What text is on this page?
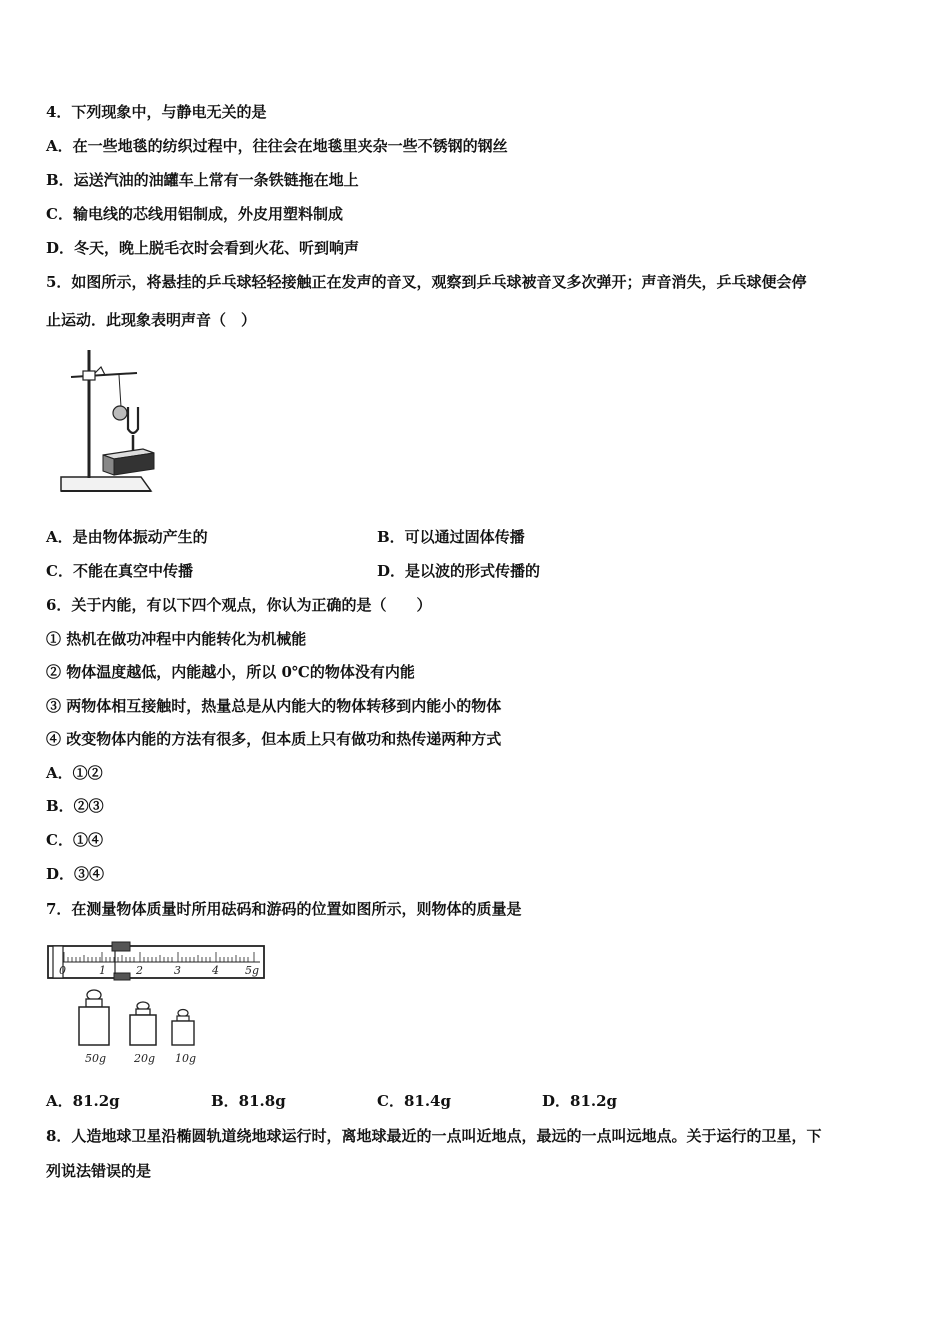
4．下列现象中，与静电无关的是
A．在一些地毯的纺织过程中，往往会在地毯里夹杂一些不锈钢的钢丝
B．运送汽油的油罐车上常有一条铁链拖在地上
C．输电线的芯线用铝制成，外皮用塑料制成
D．冬天，晚上脱毛衣时会看到火花、听到响声
5．如图所示，将悬挂的乒乓球轻轻接触正在发声的音叉，观察到乒乓球被音叉多次弹开；声音消失，乒乓球便会停
止运动．此现象表明声音（　）
A．是由物体振动产生的	B．可以通过固体传播
C．不能在真空中传播	D．是以波的形式传播的
6．关于内能，有以下四个观点，你认为正确的是（　　）
① 热机在做功冲程中内能转化为机械能
② 物体温度越低，内能越小，所以 0℃的物体没有内能
③ 两物体相互接触时，热量总是从内能大的物体转移到内能小的物体
④ 改变物体内能的方法有很多，但本质上只有做功和热传递两种方式
A．①②
B．②③
C．①④
D．③④
7．在测量物体质量时所用砝码和游码的位置如图所示，则物体的质量是
0	1	2	3	4 5g
50g	20g 10g
A．81.2g	B．81.8g	C．81.4g	D．81.2g
8．人造地球卫星沿椭圆轨道绕地球运行时，离地球最近的一点叫近地点，最远的一点叫远地点。关于运行的卫星，下
列说法错误的是
